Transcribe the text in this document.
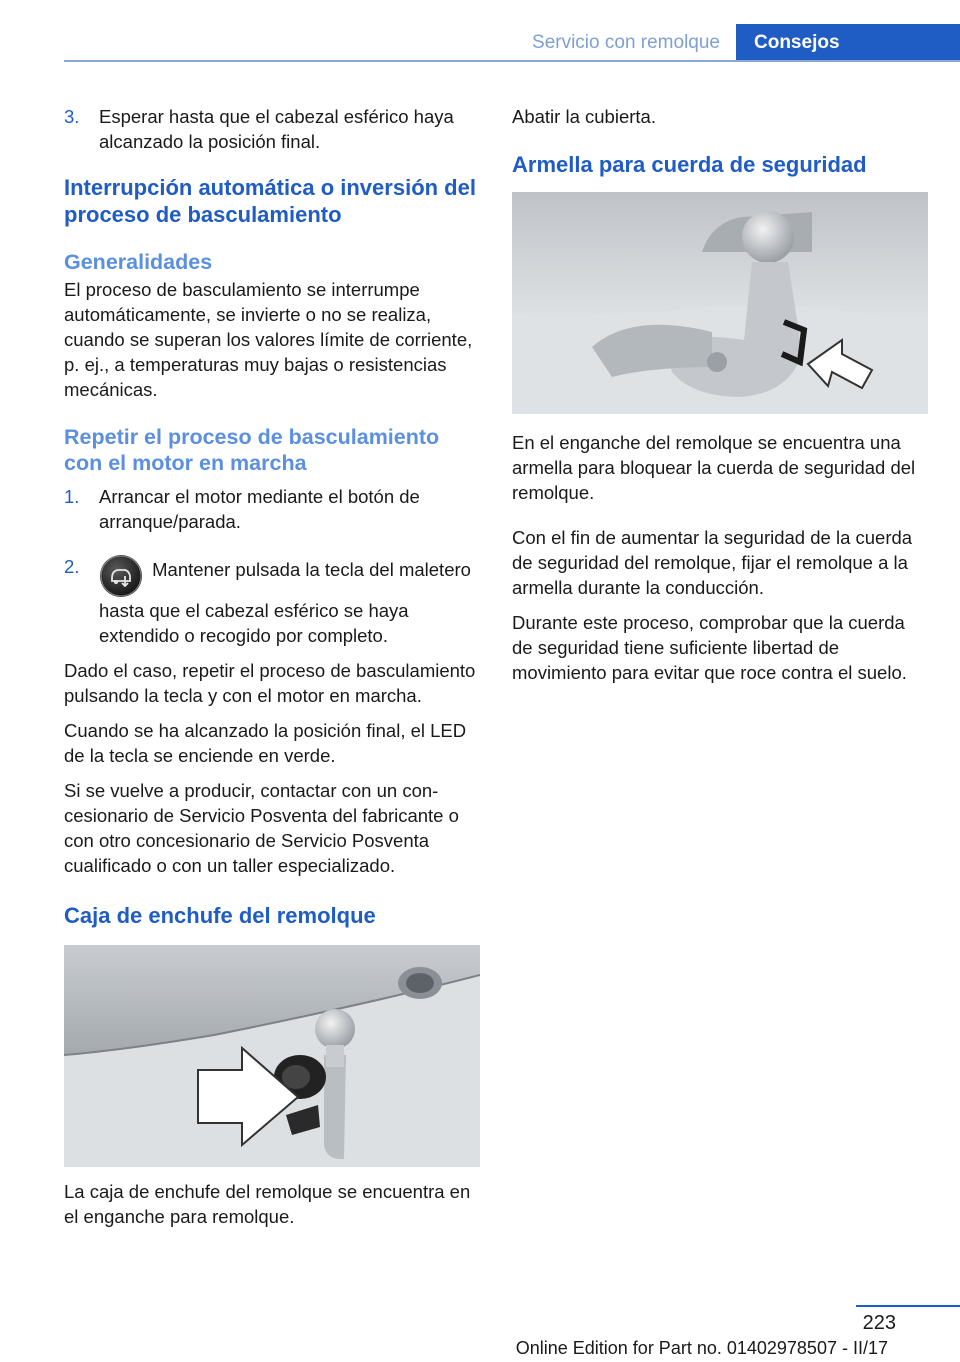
Servicio con remolque	Consejos
3. Esperar hasta que el cabezal esférico haya alcanzado la posición final.
Interrupción automática o inversión del proceso de basculamiento
Generalidades

El proceso de basculamiento se interrumpe automáticamente, se invierte o no se realiza, cuando se superan los valores límite de corriente, p. ej., a temperaturas muy bajas o resistencias mecánicas.

Repetir el proceso de basculamiento con el motor en marcha
1. Arrancar el motor mediante el botón de arranque/parada.
2.	Mantener pulsada la tecla del maletero hasta que el cabezal esférico se haya extendido o recogido por completo.

Dado el caso, repetir el proceso de basculamiento pulsando la tecla y con el motor en marcha.

Cuando se ha alcanzado la posición final, el LED de la tecla se enciende en verde.

Si se vuelve a producir, contactar con un concesionario de Servicio Posventa del fabricante o con otro concesionario de Servicio Posventa cualificado o con un taller especializado.

Caja de enchufe del remolque

La caja de enchufe del remolque se encuentra en el enganche para remolque.

Abatir la cubierta.

Armella para cuerda de seguridad

En el enganche del remolque se encuentra una armella para bloquear la cuerda de seguridad del remolque.

Con el fin de aumentar la seguridad de la cuerda de seguridad del remolque, fijar el remolque a la armella durante la conducción.

Durante este proceso, comprobar que la cuerda de seguridad tiene suficiente libertad de movimiento para evitar que roce contra el suelo.

223
Online Edition for Part no. 01402978507 - II/17
